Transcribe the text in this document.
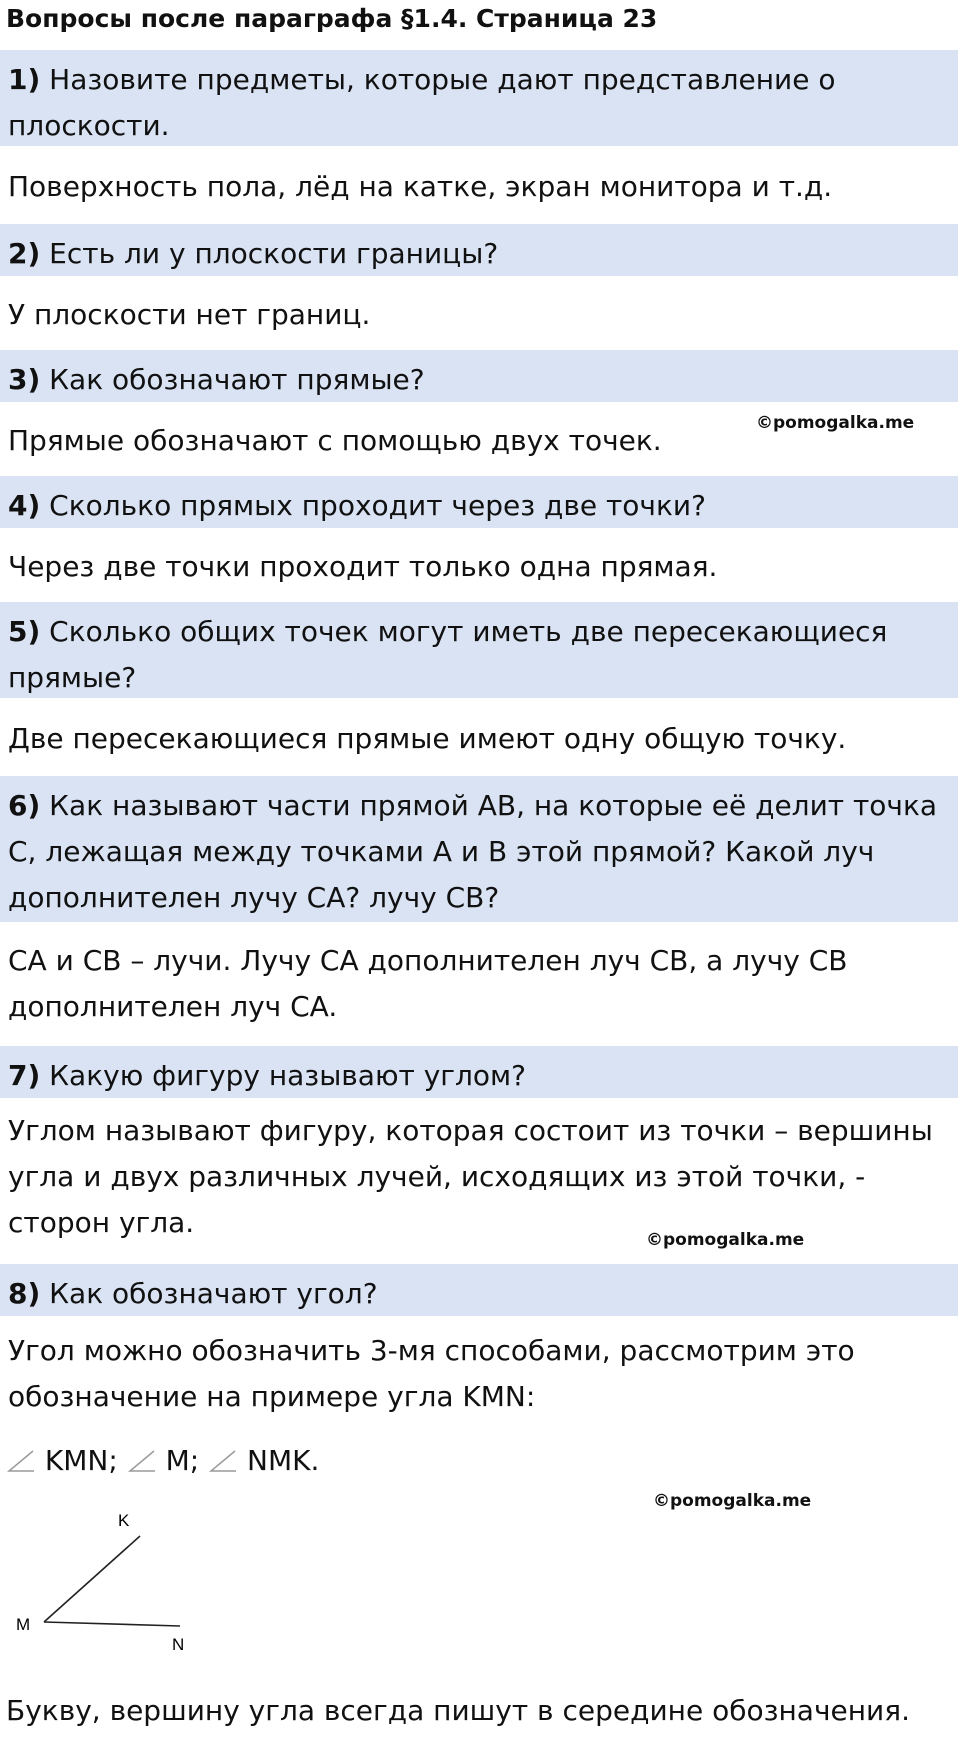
Вопросы после параграфа §1.4. Страница 23
1) Назовите предметы, которые дают представление о плоскости.
Поверхность пола, лёд на катке, экран монитора и т.д.
2) Есть ли у плоскости границы?
У плоскости нет границ.
3) Как обозначают прямые?
Прямые обозначают с помощью двух точек.
©pomogalka.me
4) Сколько прямых проходит через две точки?
Через две точки проходит только одна прямая.
5) Сколько общих точек могут иметь две пересекающиеся прямые?
Две пересекающиеся прямые имеют одну общую точку.
6) Как называют части прямой AB, на которые её делит точка C, лежащая между точками A и B этой прямой? Какой луч дополнителен лучу CA? лучу CB?
CA и CB – лучи. Лучу CA дополнителен луч CB, а лучу CB дополнителен луч CA.
7) Какую фигуру называют углом?
Углом называют фигуру, которая состоит из точки – вершины угла и двух различных лучей, исходящих из этой точки, - сторон угла.
©pomogalka.me
8) Как обозначают угол?
Угол можно обозначить 3-мя способами, рассмотрим это обозначение на примере угла KMN:
KMN; M; NMK.
©pomogalka.me
K
M
N
Букву, вершину угла всегда пишут в середине обозначения.
